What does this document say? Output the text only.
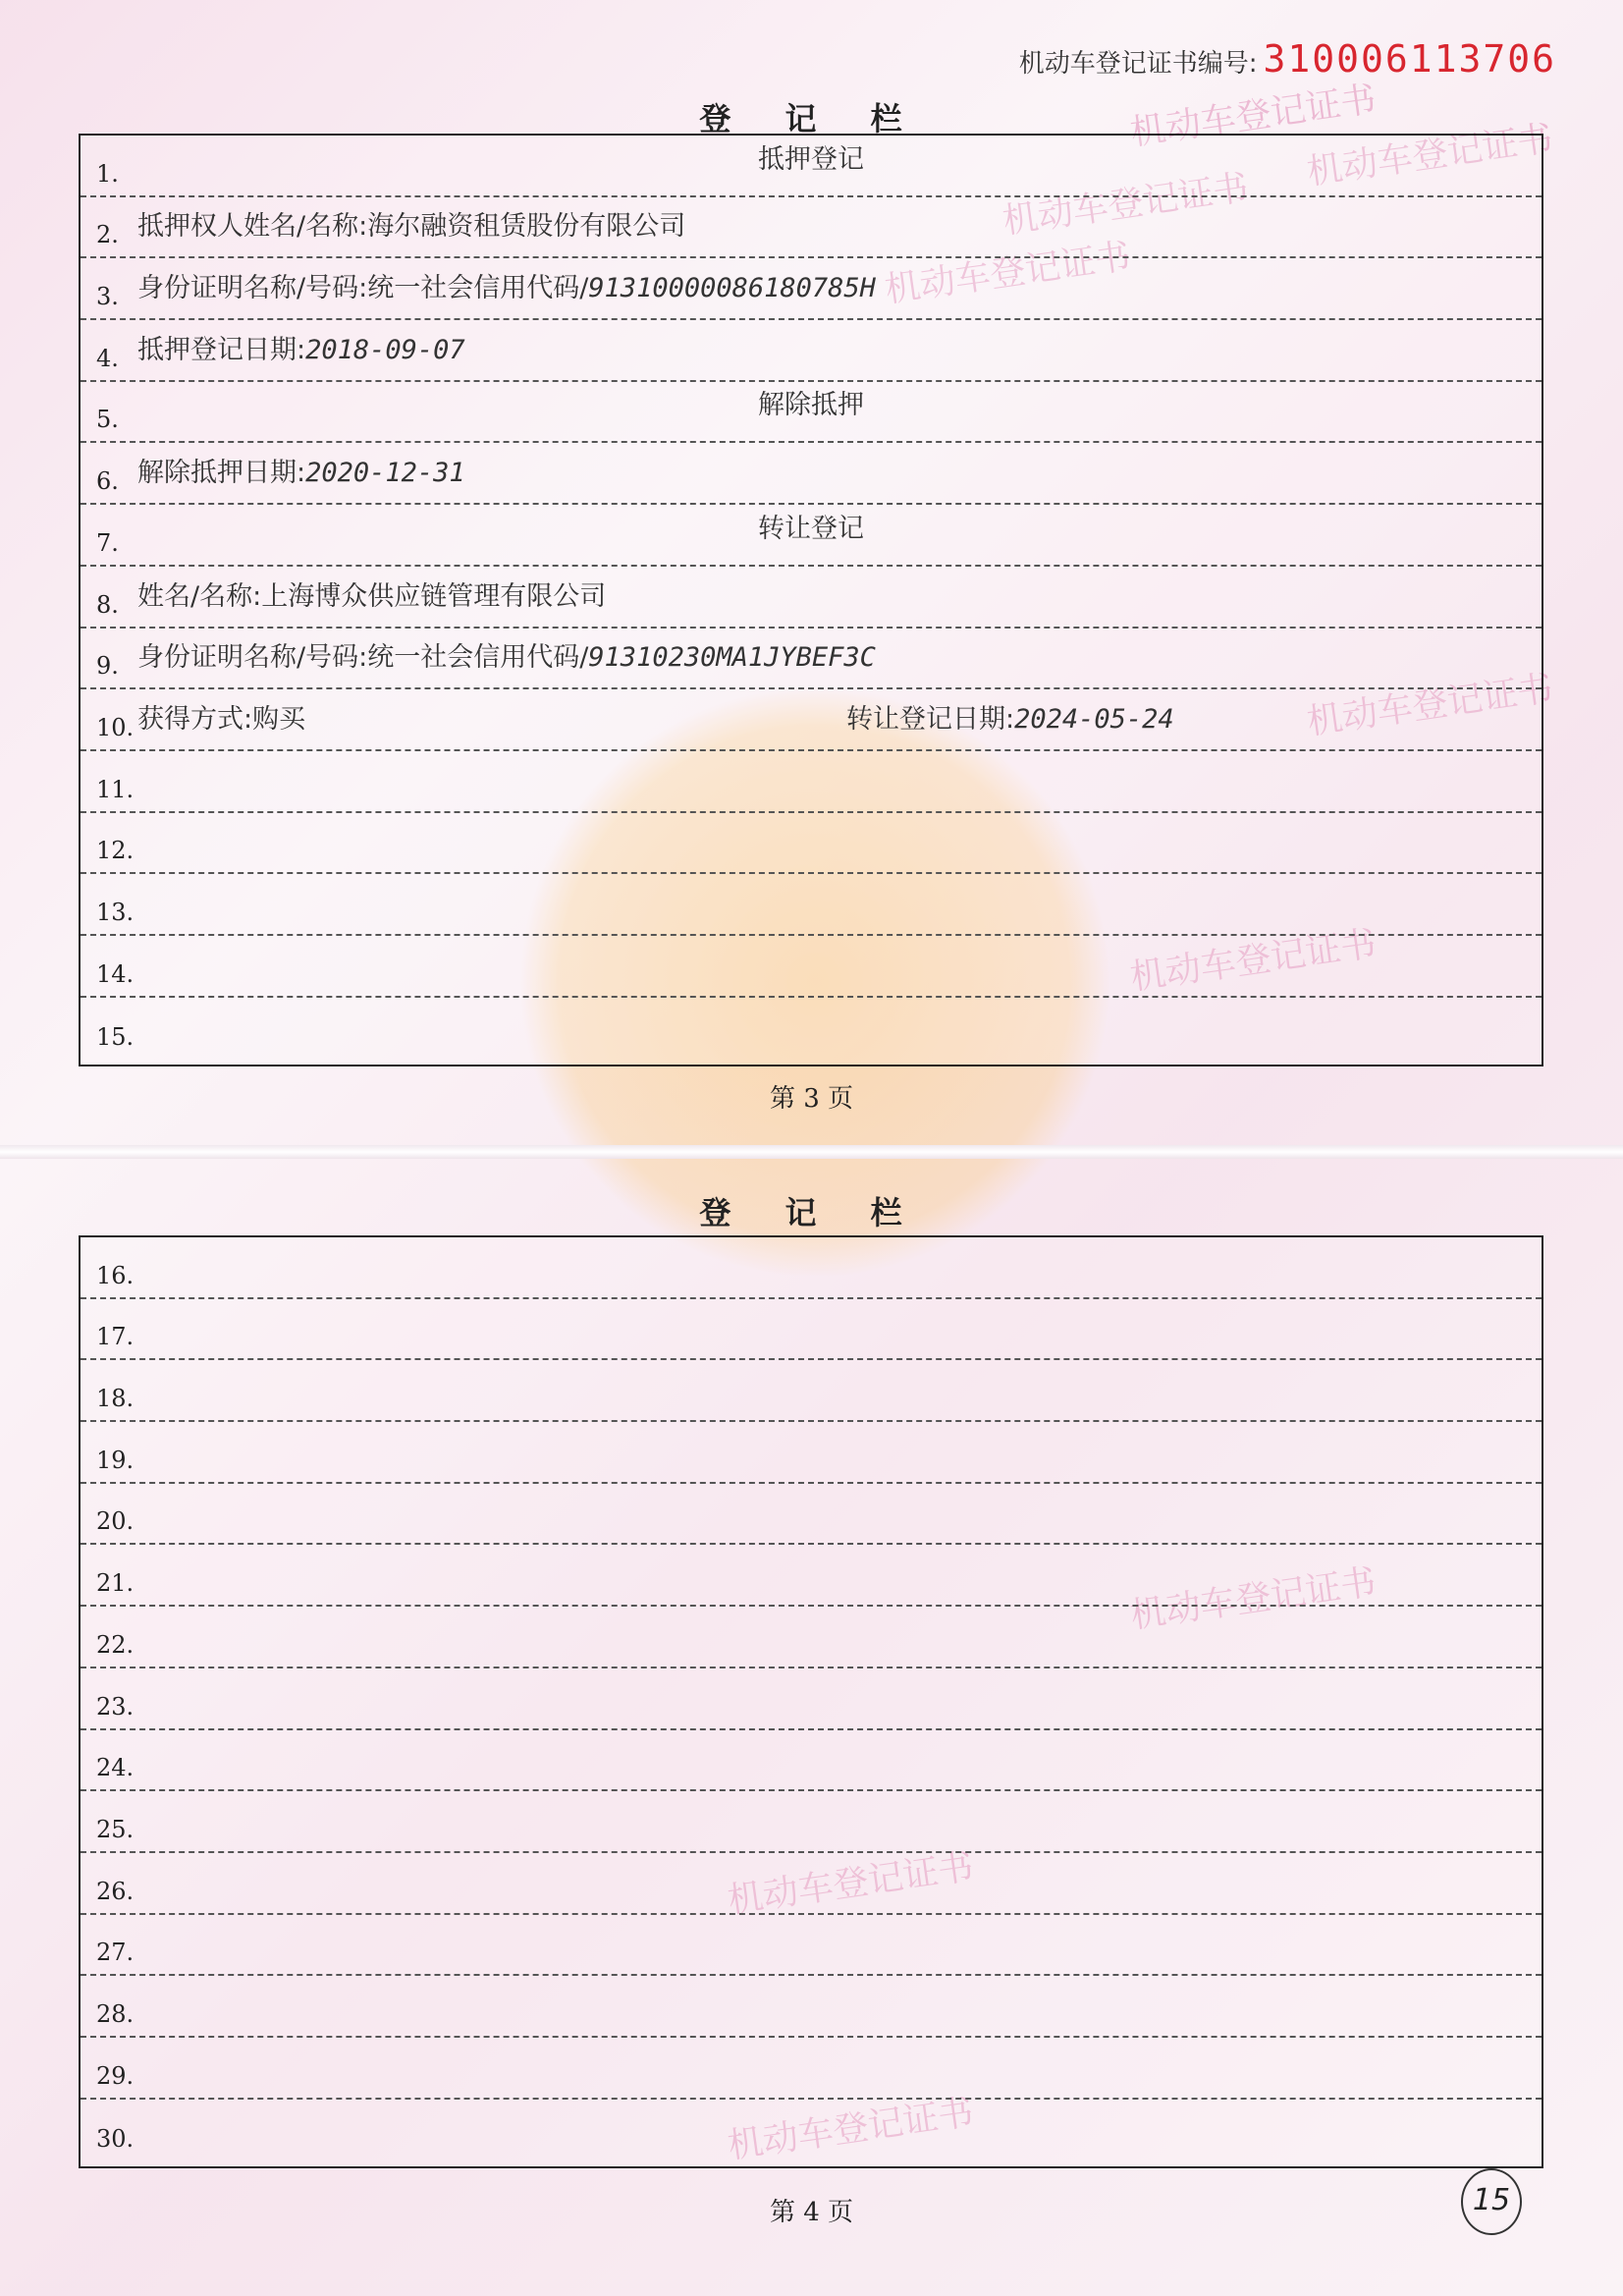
机动车登记证书
机动车登记证书
机动车登记证书
机动车登记证书
机动车登记证书
机动车登记证书
机动车登记证书
机动车登记证书
机动车登记证书
机动车登记证书编号: 310006113706
登 记 栏
1.	抵押登记
2. 抵押权人姓名/名称:海尔融资租赁股份有限公司
3. 身份证明名称/号码:统一社会信用代码/91310000086180785H
4. 抵押登记日期:2018-09-07
5.	解除抵押
6. 解除抵押日期:2020-12-31
7.	转让登记
8. 姓名/名称:上海博众供应链管理有限公司
9. 身份证明名称/号码:统一社会信用代码/91310230MA1JYBEF3C
10. 获得方式:购买	转让登记日期:2024-05-24
11.
12.
13.
14.
15.
第 3 页
登 记 栏
16.
17.
18.
19.
20.
21.
22.
23.
24.
25.
26.
27.
28.
29.
30.
第 4 页	15
